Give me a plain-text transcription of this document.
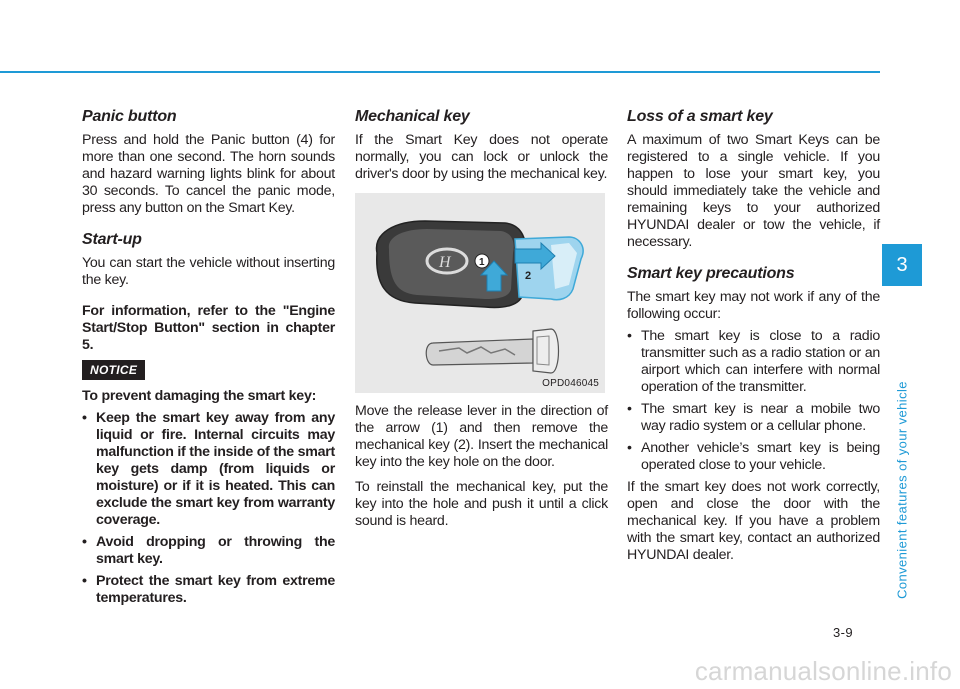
Panic button

Press and hold the Panic button (4) for more than one second. The horn sounds and hazard warning lights blink for about 30 seconds. To cancel the panic mode, press any button on the Smart Key.

Start-up

You can start the vehicle without inserting the key.

For information, refer to the "Engine Start/Stop Button" section in chapter 5.

NOTICE

To prevent damaging the smart key:

• Keep the smart key away from any liquid or fire. Internal circuits may malfunction if the inside of the smart key gets damp (from liquids or moisture) or if it is heated. This can exclude the smart key from warranty coverage.
• Avoid dropping or throwing the smart key.
• Protect the smart key from extreme temperatures.
Mechanical key

If the Smart Key does not operate normally, you can lock or unlock the driver's door by using the mechanical key.

H	1
2
OPD046045

Move the release lever in the direction of the arrow (1) and then remove the mechanical key (2). Insert the mechanical key into the key hole on the door.

To reinstall the mechanical key, put the key into the hole and push it until a click sound is heard.

Loss of a smart key

A maximum of two Smart Keys can be registered to a single vehicle. If you happen to lose your smart key, you should immediately take the vehicle and remaining keys to your authorized HYUNDAI dealer or tow the vehicle, if necessary.

Smart key precautions

The smart key may not work if any of the following occur:

• The smart key is close to a radio transmitter such as a radio station or an airport which can interfere with normal operation of the transmitter.
• The smart key is near a mobile two way radio system or a cellular phone.
• Another vehicle’s smart key is being operated close to your vehicle.

If the smart key does not work correctly, open and close the door with the mechanical key. If you have a problem with the smart key, contact an authorized HYUNDAI dealer.

3
Convenient features of your vehicle
3-9
carmanualsonline.info
